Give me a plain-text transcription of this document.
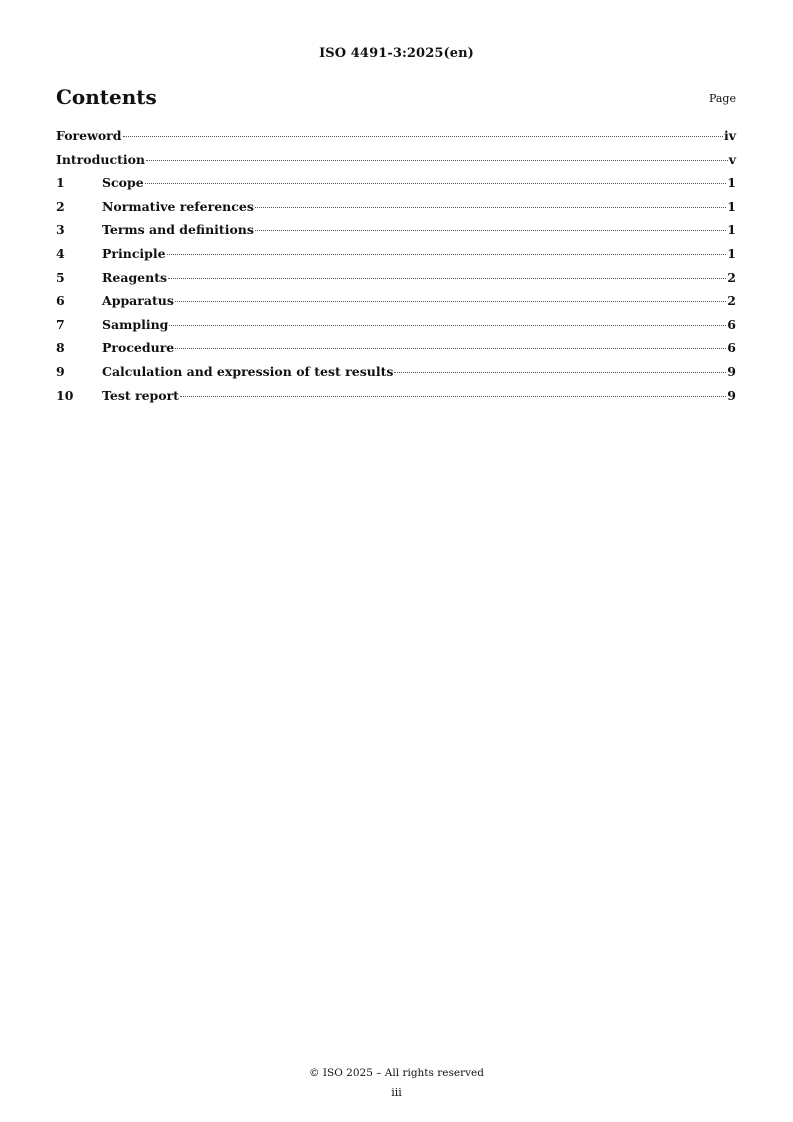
ISO 4491-3:2025(en)
Contents	Page
Foreword	iv
Introduction	v
1	Scope	1
2	Normative references	1
3	Terms and definitions	1
4	Principle	1
5	Reagents	2
6	Apparatus	2
7	Sampling	6
8	Procedure	6
9	Calculation and expression of test results	9
10	Test report	9
© ISO 2025 – All rights reserved
iii
